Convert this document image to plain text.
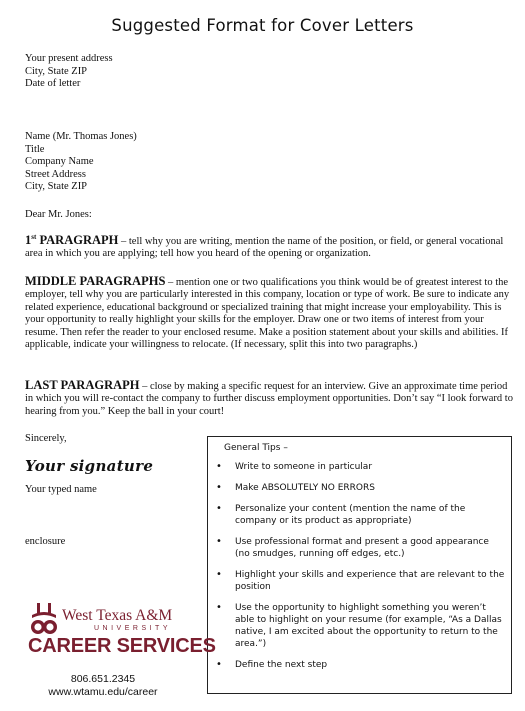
Suggested Format for Cover Letters
Your present address
City, State ZIP
Date of letter
Name (Mr. Thomas Jones)
Title
Company Name
Street Address
City, State ZIP
Dear Mr. Jones:
1st PARAGRAPH – tell why you are writing, mention the name of the position, or field, or general vocational area in which you are applying; tell how you heard of the opening or organization.
MIDDLE PARAGRAPHS – mention one or two qualifications you think would be of greatest interest to the employer, tell why you are particularly interested in this company, location or type of work. Be sure to indicate any related experience, educational background or specialized training that might increase your employability. This is your opportunity to really highlight your skills for the employer. Draw one or two items of interest from your resume. Then refer the reader to your enclosed resume. Make a position statement about your skills and abilities. If applicable, indicate your willingness to relocate. (If necessary, split this into two paragraphs.)
LAST PARAGRAPH – close by making a specific request for an interview. Give an approximate time period in which you will re-contact the company to further discuss employment opportunities. Don’t say “I look forward to hearing from you.” Keep the ball in your court!
Sincerely,
Your signature
Your typed name
enclosure
General Tips –
• Write to someone in particular
• Make ABSOLUTELY NO ERRORS
• Personalize your content (mention the name of the company or its product as appropriate)
• Use professional format and present a good appearance (no smudges, running off edges, etc.)
• Highlight your skills and experience that are relevant to the position
• Use the opportunity to highlight something you weren’t able to highlight on your resume (for example, “As a Dallas native, I am excited about the opportunity to return to the area.”)
• Define the next step
West Texas A&M
UNIVERSITY
CAREER SERVICES
806.651.2345
www.wtamu.edu/career
